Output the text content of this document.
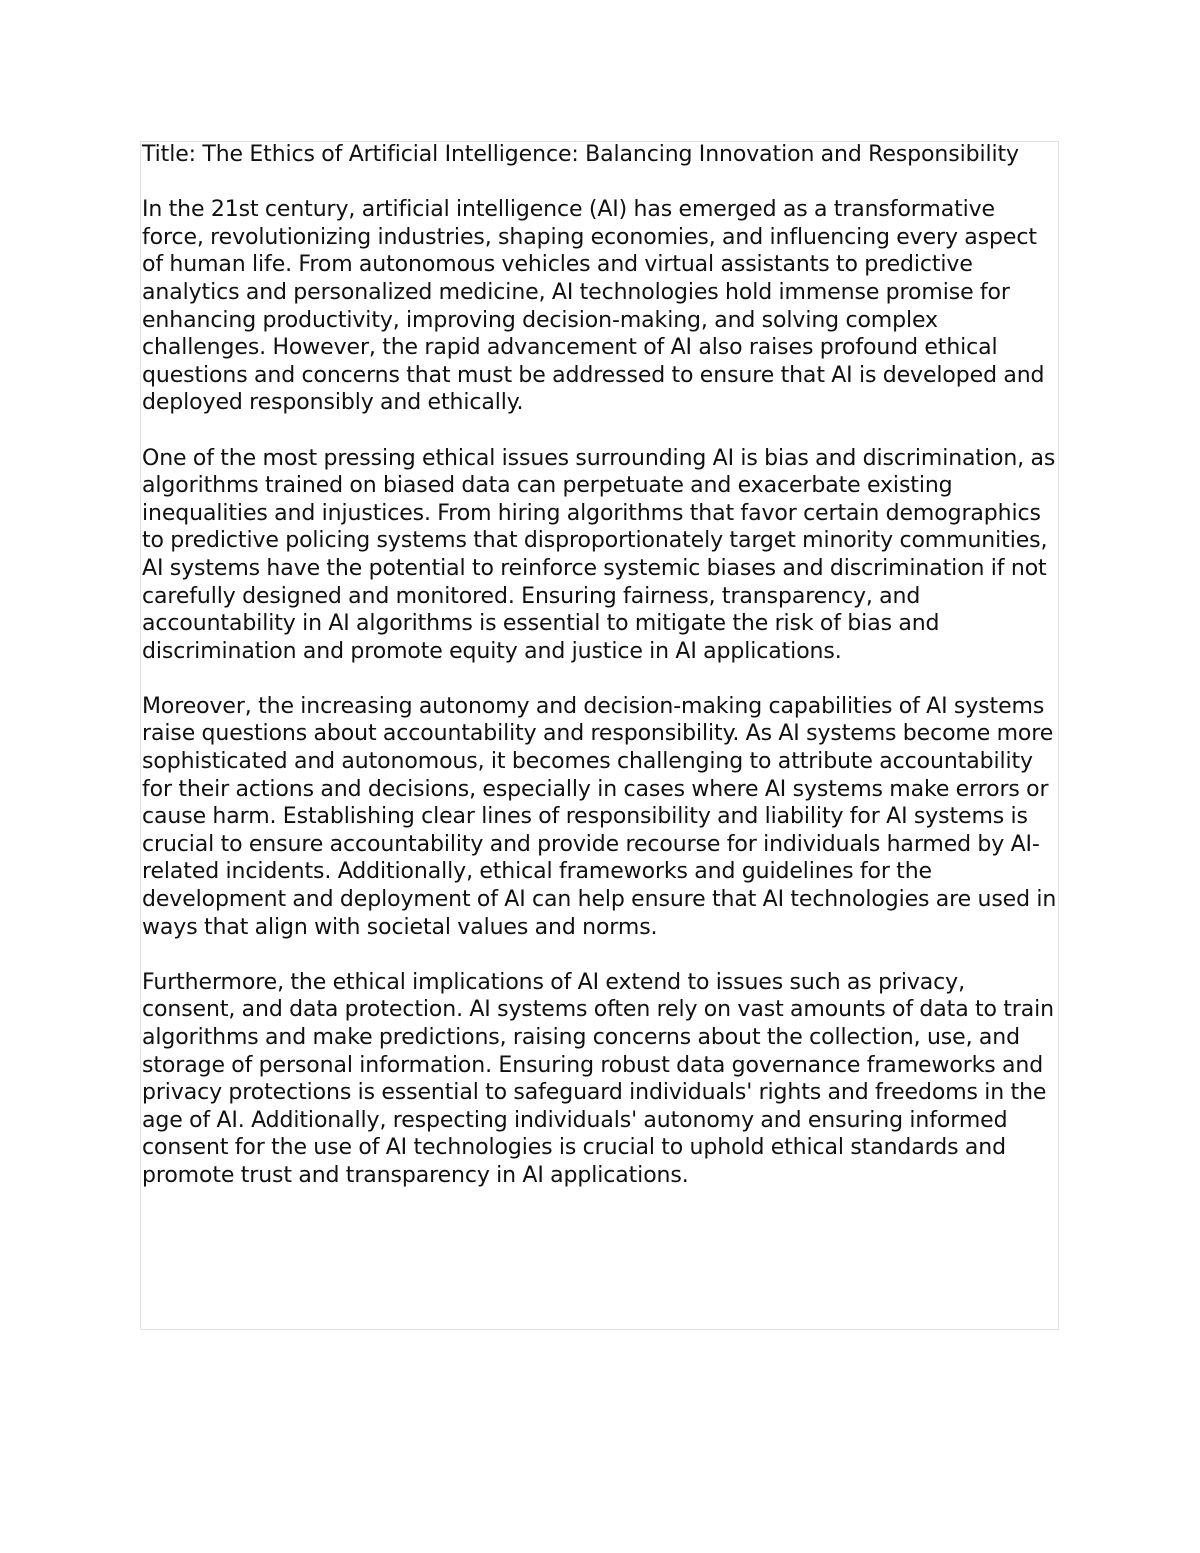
Title: The Ethics of Artificial Intelligence: Balancing Innovation and Responsibility

In the 21st century, artificial intelligence (AI) has emerged as a transformative force, revolutionizing industries, shaping economies, and influencing every aspect of human life. From autonomous vehicles and virtual assistants to predictive analytics and personalized medicine, AI technologies hold immense promise for enhancing productivity, improving decision-making, and solving complex challenges. However, the rapid advancement of AI also raises profound ethical questions and concerns that must be addressed to ensure that AI is developed and deployed responsibly and ethically.

One of the most pressing ethical issues surrounding AI is bias and discrimination, as algorithms trained on biased data can perpetuate and exacerbate existing inequalities and injustices. From hiring algorithms that favor certain demographics to predictive policing systems that disproportionately target minority communities, AI systems have the potential to reinforce systemic biases and discrimination if not carefully designed and monitored. Ensuring fairness, transparency, and accountability in AI algorithms is essential to mitigate the risk of bias and discrimination and promote equity and justice in AI applications.

Moreover, the increasing autonomy and decision-making capabilities of AI systems raise questions about accountability and responsibility. As AI systems become more sophisticated and autonomous, it becomes challenging to attribute accountability for their actions and decisions, especially in cases where AI systems make errors or cause harm. Establishing clear lines of responsibility and liability for AI systems is crucial to ensure accountability and provide recourse for individuals harmed by AI-related incidents. Additionally, ethical frameworks and guidelines for the development and deployment of AI can help ensure that AI technologies are used in ways that align with societal values and norms.

Furthermore, the ethical implications of AI extend to issues such as privacy, consent, and data protection. AI systems often rely on vast amounts of data to train algorithms and make predictions, raising concerns about the collection, use, and storage of personal information. Ensuring robust data governance frameworks and privacy protections is essential to safeguard individuals' rights and freedoms in the age of AI. Additionally, respecting individuals' autonomy and ensuring informed consent for the use of AI technologies is crucial to uphold ethical standards and promote trust and transparency in AI applications.
